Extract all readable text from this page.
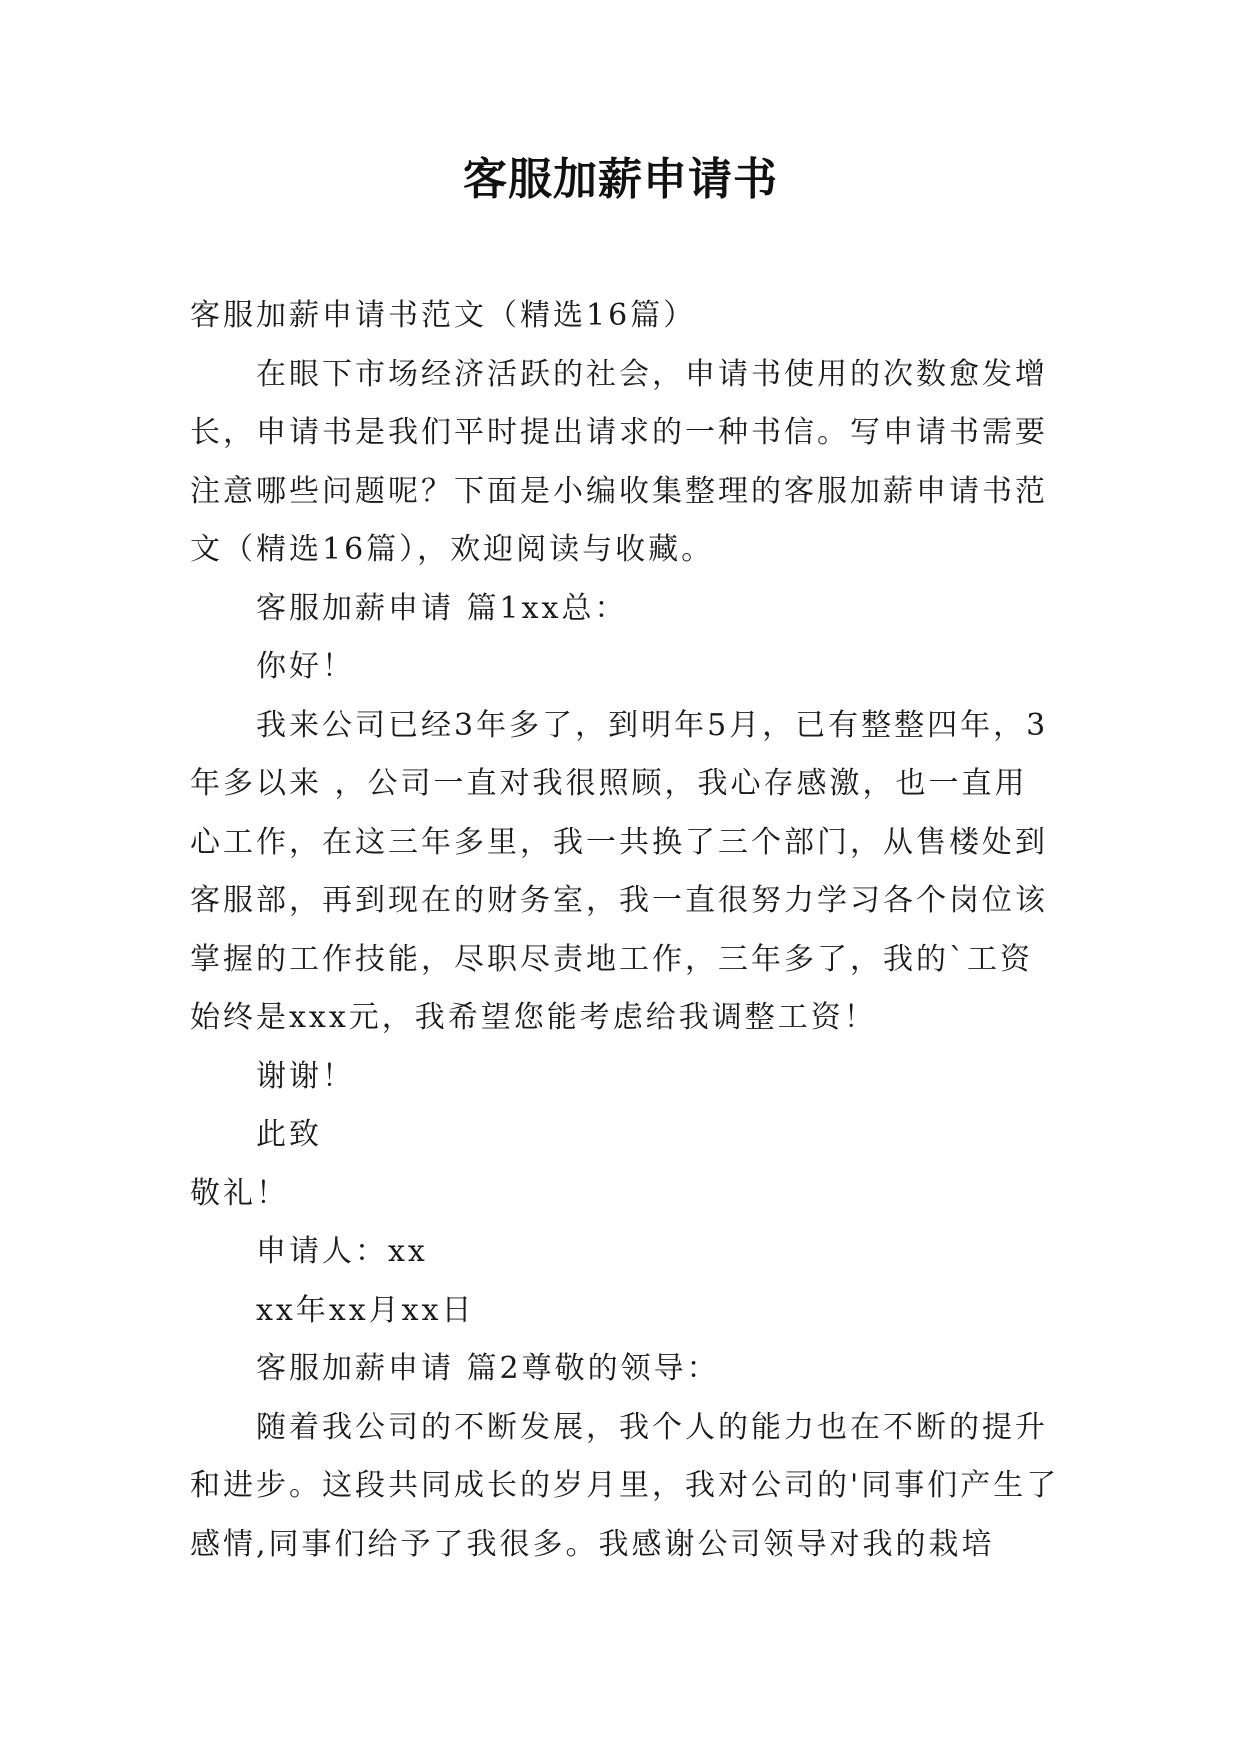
客服加薪申请书

客服加薪申请书范文（精选16篇）

在眼下市场经济活跃的社会，申请书使用的次数愈发增长，申请书是我们平时提出请求的一种书信。写申请书需要注意哪些问题呢？下面是小编收集整理的客服加薪申请书范文（精选16篇），欢迎阅读与收藏。

客服加薪申请 篇1xx总：

你好！

我来公司已经3年多了，到明年5月，已有整整四年，3年多以来 ，公司一直对我很照顾，我心存感激，也一直用心工作，在这三年多里，我一共换了三个部门，从售楼处到客服部，再到现在的财务室，我一直很努力学习各个岗位该掌握的工作技能，尽职尽责地工作，三年多了，我的`工资始终是xxx元，我希望您能考虑给我调整工资！

谢谢！

此致

敬礼！

申请人：xx

xx年xx月xx日

客服加薪申请 篇2尊敬的领导：

随着我公司的不断发展，我个人的能力也在不断的提升和进步。这段共同成长的岁月里，我对公司的'同事们产生了感情,同事们给予了我很多。我感谢公司领导对我的栽培
